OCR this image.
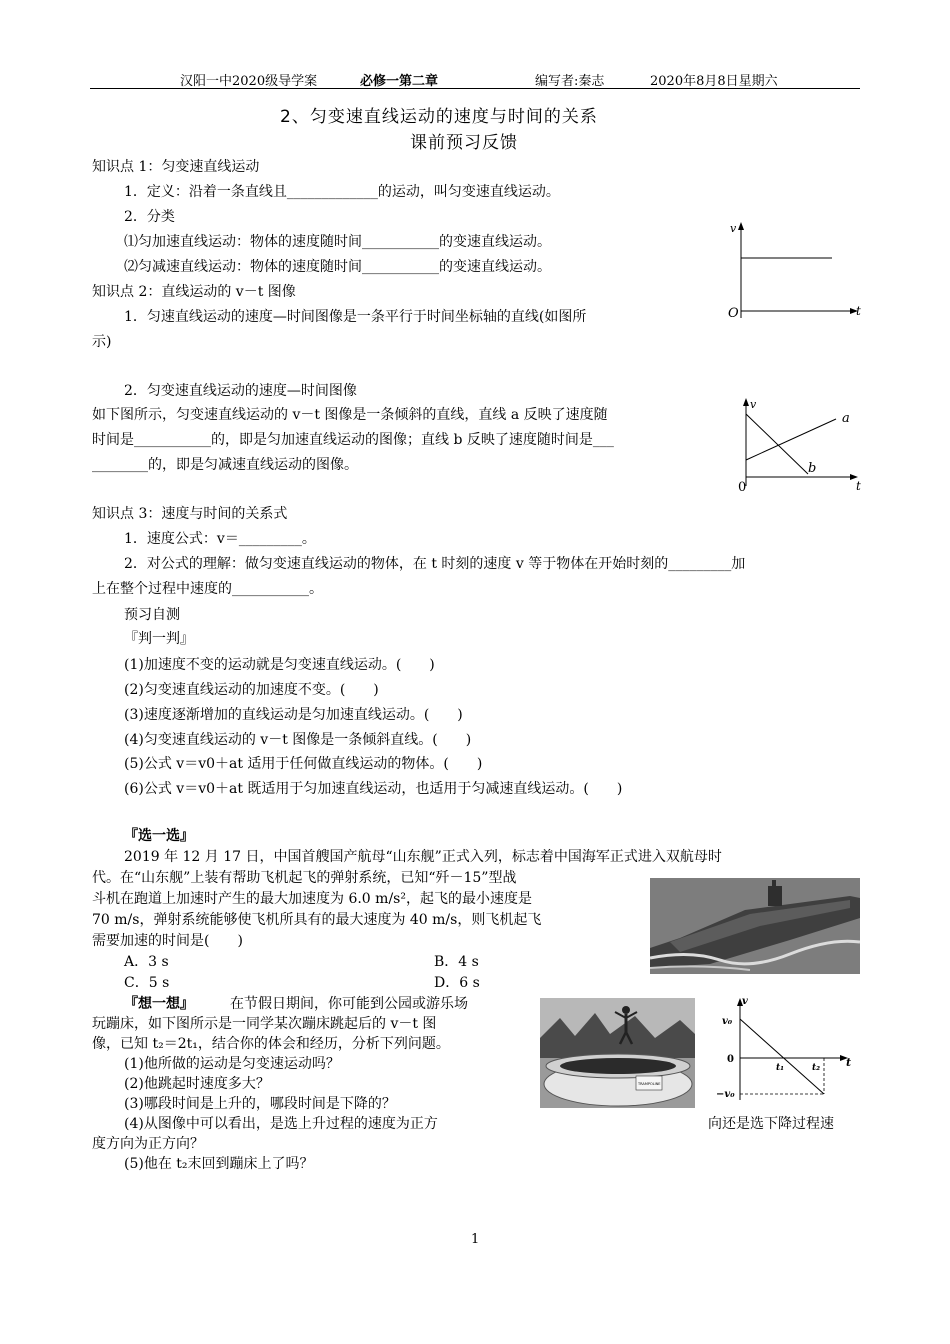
汉阳一中2020级导学案	必修一第二章	编写者:秦志	2020年8月8日星期六
2、匀变速直线运动的速度与时间的关系
课前预习反馈
知识点 1：匀变速直线运动
1．定义：沿着一条直线且_____________的运动，叫匀变速直线运动。
2．分类
⑴匀加速直线运动：物体的速度随时间___________的变速直线运动。
⑵匀减速直线运动：物体的速度随时间___________的变速直线运动。
知识点 2：直线运动的 v－t 图像
1．匀速直线运动的速度—时间图像是一条平行于时间坐标轴的直线(如图所
示)
2．匀变速直线运动的速度—时间图像
如下图所示，匀变速直线运动的 v－t 图像是一条倾斜的直线，直线 a 反映了速度随
时间是___________的，即是匀加速直线运动的图像；直线 b 反映了速度随时间是___
________的，即是匀减速直线运动的图像。
v
t
O
v
a
b
t
0
知识点 3：速度与时间的关系式
1．速度公式：v＝_________。
2．对公式的理解：做匀变速直线运动的物体，在 t 时刻的速度 v 等于物体在开始时刻的_________加
上在整个过程中速度的___________。
预习自测
『判一判』
(1)加速度不变的运动就是匀变速直线运动。(　　)
(2)匀变速直线运动的加速度不变。(　　)
(3)速度逐渐增加的直线运动是匀加速直线运动。(　　)
(4)匀变速直线运动的 v－t 图像是一条倾斜直线。(　　)
(5)公式 v＝v0＋at 适用于任何做直线运动的物体。(　　)
(6)公式 v＝v0＋at 既适用于匀加速直线运动，也适用于匀减速直线运动。(　　)
『选一选』
2019 年 12 月 17 日，中国首艘国产航母“山东舰”正式入列，标志着中国海军正式进入双航母时
代。在“山东舰”上装有帮助飞机起飞的弹射系统，已知“歼－15”型战
斗机在跑道上加速时产生的最大加速度为 6.0 m/s²，起飞的最小速度是
70 m/s，弹射系统能够使飞机所具有的最大速度为 40 m/s，则飞机起飞
需要加速的时间是(　　)
A．3 s	B．4 s
C．5 s	D．6 s
『想一想』	在节假日期间，你可能到公园或游乐场
玩蹦床，如下图所示是一同学某次蹦床跳起后的 v－t 图
像，已知 t₂＝2t₁，结合你的体会和经历，分析下列问题。
(1)他所做的运动是匀变速运动吗？
(2)他跳起时速度多大？
(3)哪段时间是上升的，哪段时间是下降的？
(4)从图像中可以看出，是选上升过程的速度为正方	向还是选下降过程速
度方向为正方向？
(5)他在 t₂末回到蹦床上了吗？
TRAMPOLINE
v
v₀
0
−v₀
t₁	t₂ t
1
